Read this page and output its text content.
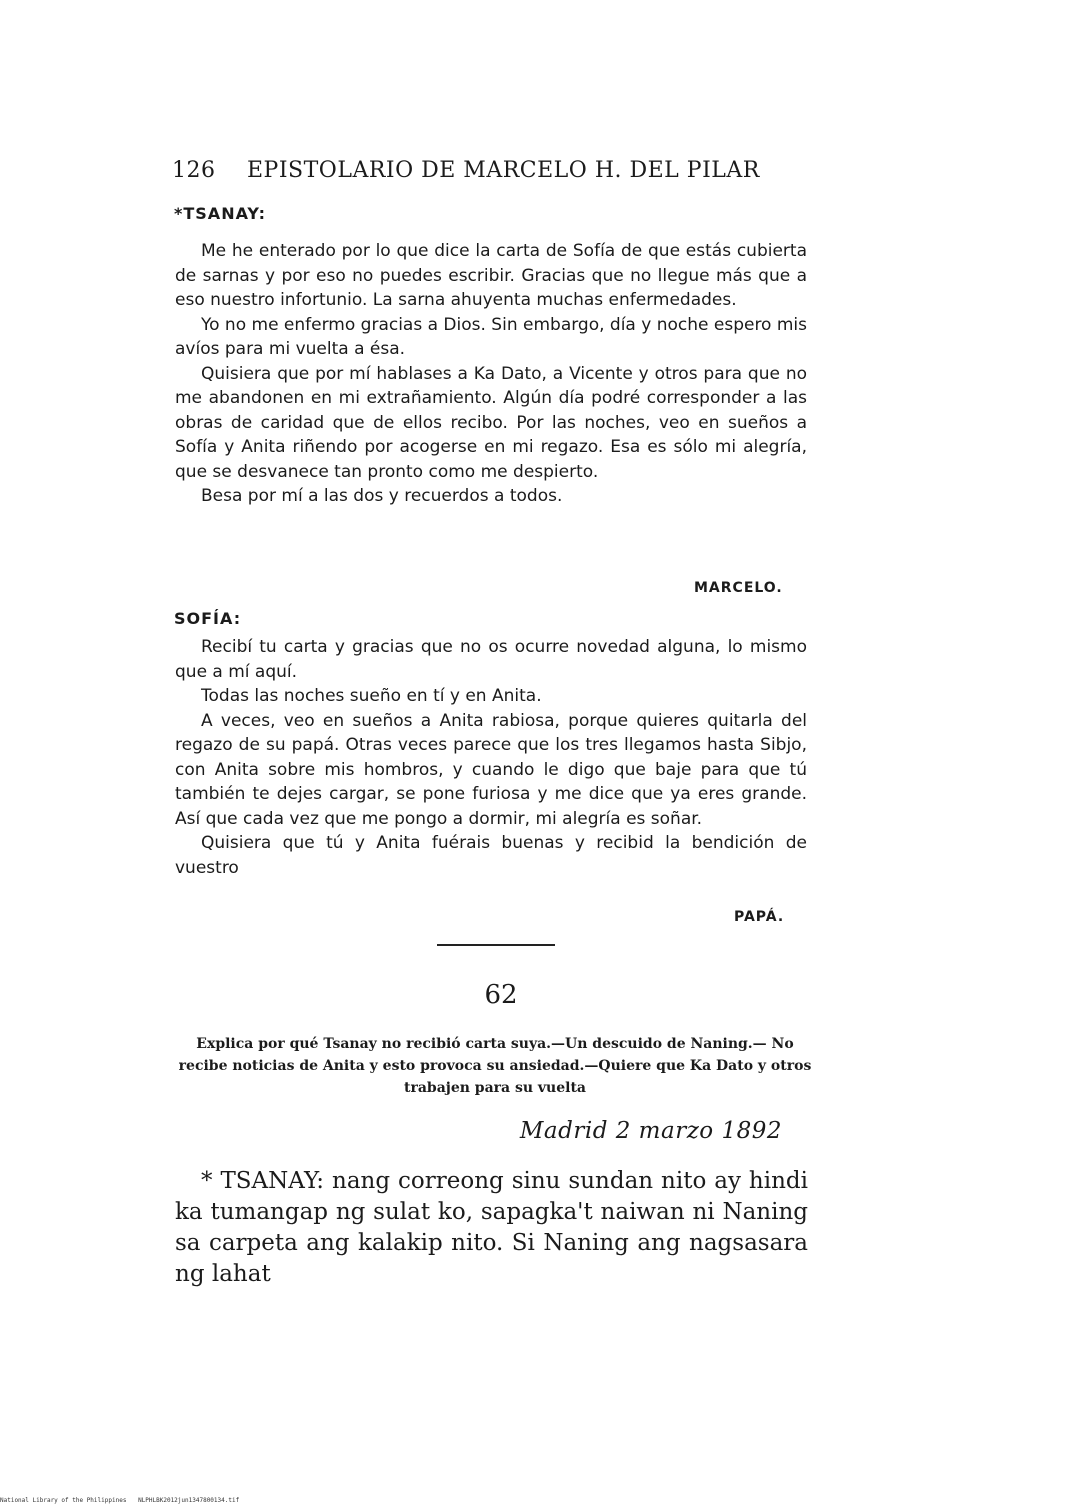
126 EPISTOLARIO DE MARCELO H. DEL PILAR
*TSANAY:

Me he enterado por lo que dice la carta de Sofía de que estás cubierta de sarnas y por eso no puedes escribir. Gracias que no llegue más que a eso nuestro infortunio. La sarna ahuyenta muchas enfermedades.

Yo no me enfermo gracias a Dios. Sin embargo, día y noche espero mis avíos para mi vuelta a ésa.

Quisiera que por mí hablases a Ka Dato, a Vicente y otros para que no me abandonen en mi extrañamiento. Algún día podré corresponder a las obras de caridad que de ellos recibo. Por las noches, veo en sueños a Sofía y Anita riñendo por acogerse en mi regazo. Esa es sólo mi alegría, que se desvanece tan pronto como me despierto.

Besa por mí a las dos y recuerdos a todos.

MARCELO.
SOFÍA:

Recibí tu carta y gracias que no os ocurre novedad alguna, lo mismo que a mí aquí.

Todas las noches sueño en tí y en Anita.

A veces, veo en sueños a Anita rabiosa, porque quieres quitarla del regazo de su papá. Otras veces parece que los tres llegamos hasta Sibjo, con Anita sobre mis hombros, y cuando le digo que baje para que tú también te dejes cargar, se pone furiosa y me dice que ya eres grande. Así que cada vez que me pongo a dormir, mi alegría es soñar.

Quisiera que tú y Anita fuérais buenas y recibid la bendición de vuestro

PAPÁ.
62
Explica por qué Tsanay no recibió carta suya.—Un descuido de Naning.— No recibe noticias de Anita y esto provoca su ansiedad.—Quiere que Ka Dato y otros trabajen para su vuelta
Madrid 2 marzo 1892

* TSANAY: nang correong sinu sundan nito ay hindi ka tumangap ng sulat ko, sapagka't naiwan ni Naning sa carpeta ang kalakip nito. Si Naning ang nagsasara ng lahat

National Library of the Philippines NLPHLBK2012jun1347800134.tif
